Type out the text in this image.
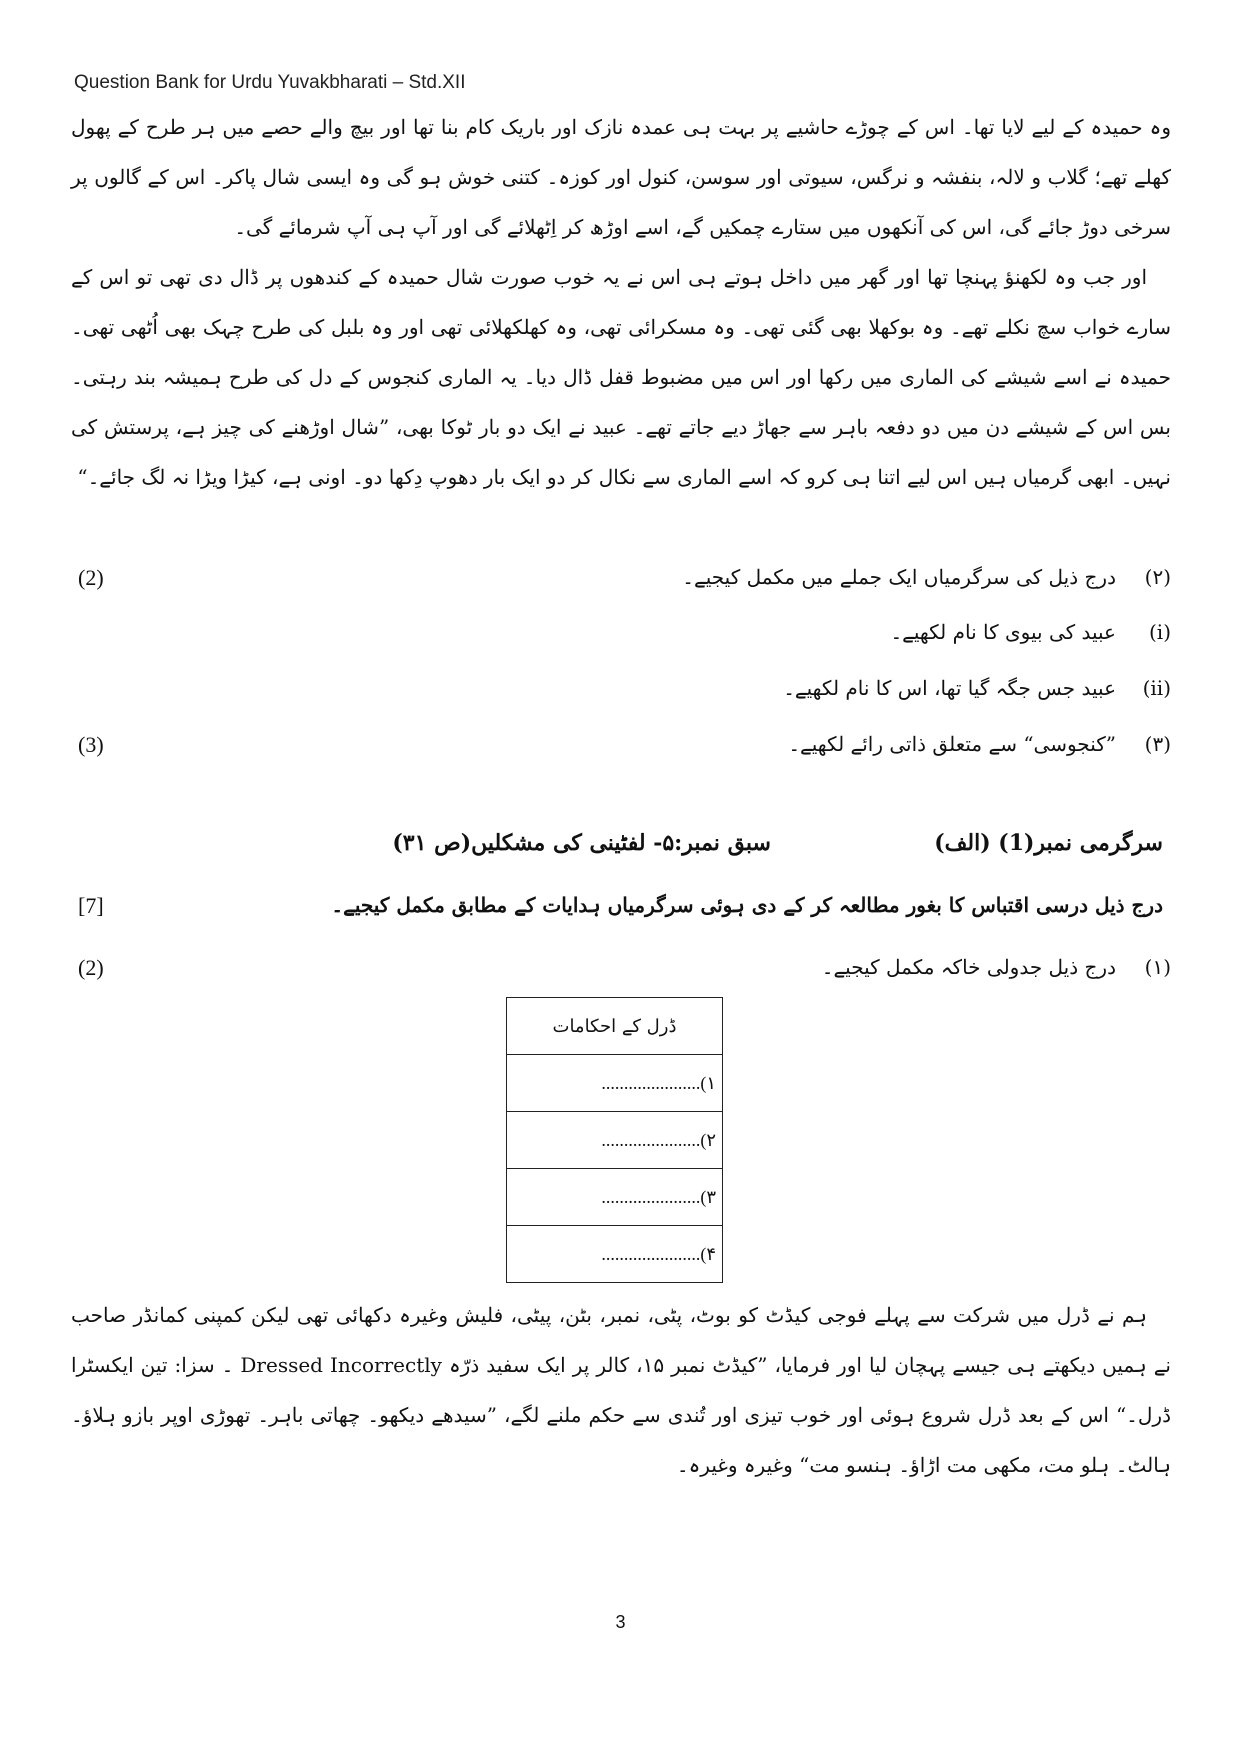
Question Bank for Urdu Yuvakbharati – Std.XII

وہ حمیدہ کے لیے لایا تھا۔ اس کے چوڑے حاشیے پر بہت ہی عمدہ نازک اور باریک کام بنا تھا اور بیچ والے حصے میں ہر طرح کے پھول کھلے تھے؛ گلاب و لالہ، بنفشہ و نرگس، سیوتی اور سوسن، کنول اور کوزہ۔ کتنی خوش ہو گی وہ ایسی شال پاکر۔ اس کے گالوں پر سرخی دوڑ جائے گی، اس کی آنکھوں میں ستارے چمکیں گے، اسے اوڑھ کر اِٹھلائے گی اور آپ ہی آپ شرمائے گی۔

اور جب وہ لکھنؤ پہنچا تھا اور گھر میں داخل ہوتے ہی اس نے یہ خوب صورت شال حمیدہ کے کندھوں پر ڈال دی تھی تو اس کے سارے خواب سچ نکلے تھے۔ وہ بوکھلا بھی گئی تھی۔ وہ مسکرائی تھی، وہ کھلکھلائی تھی اور وہ بلبل کی طرح چہک بھی اُٹھی تھی۔ حمیدہ نے اسے شیشے کی الماری میں رکھا اور اس میں مضبوط قفل ڈال دیا۔ یہ الماری کنجوس کے دل کی طرح ہمیشہ بند رہتی۔ بس اس کے شیشے دن میں دو دفعہ باہر سے جھاڑ دیے جاتے تھے۔ عبید نے ایک دو بار ٹوکا بھی، ”شال اوڑھنے کی چیز ہے، پرستش کی نہیں۔ ابھی گرمیاں ہیں اس لیے اتنا ہی کرو کہ اسے الماری سے نکال کر دو ایک بار دھوپ دِکھا دو۔ اونی ہے، کیڑا ویڑا نہ لگ جائے۔“

(۲)درج ذیل کی سرگرمیاں ایک جملے میں مکمل کیجیے۔
(2)
(i)عبید کی بیوی کا نام لکھیے۔
(ii)عبید جس جگہ گیا تھا، اس کا نام لکھیے۔
(۳)”کنجوسی“ سے متعلق ذاتی رائے لکھیے۔
(3)
سرگرمی نمبر(1) (الف)
سبق نمبر:۵- لفٹینی کی مشکلیں(ص ۳۱)
درج ذیل درسی اقتباس کا بغور مطالعہ کر کے دی ہوئی سرگرمیاں ہدایات کے مطابق مکمل کیجیے۔
[7]
(۱)درج ذیل جدولی خاکہ مکمل کیجیے۔
(2)
ڈرل کے احکامات
......................(۱
......................(۲
......................(۳
......................(۴

ہم نے ڈرل میں شرکت سے پہلے فوجی کیڈٹ کو بوٹ، پٹی، نمبر، بٹن، پیٹی، فلیش وغیرہ دکھائی تھی لیکن کمپنی کمانڈر صاحب نے ہمیں دیکھتے ہی جیسے پہچان لیا اور فرمایا، ”کیڈٹ نمبر ۱۵، کالر پر ایک سفید ذرّہ Dressed Incorrectly ۔ سزا: تین ایکسٹرا ڈرل۔“ اس کے بعد ڈرل شروع ہوئی اور خوب تیزی اور تُندی سے حکم ملنے لگے، ”سیدھے دیکھو۔ چھاتی باہر۔ تھوڑی اوپر بازو ہلاؤ۔ ہالٹ۔ ہلو مت، مکھی مت اڑاؤ۔ ہنسو مت“ وغیرہ وغیرہ۔

3
